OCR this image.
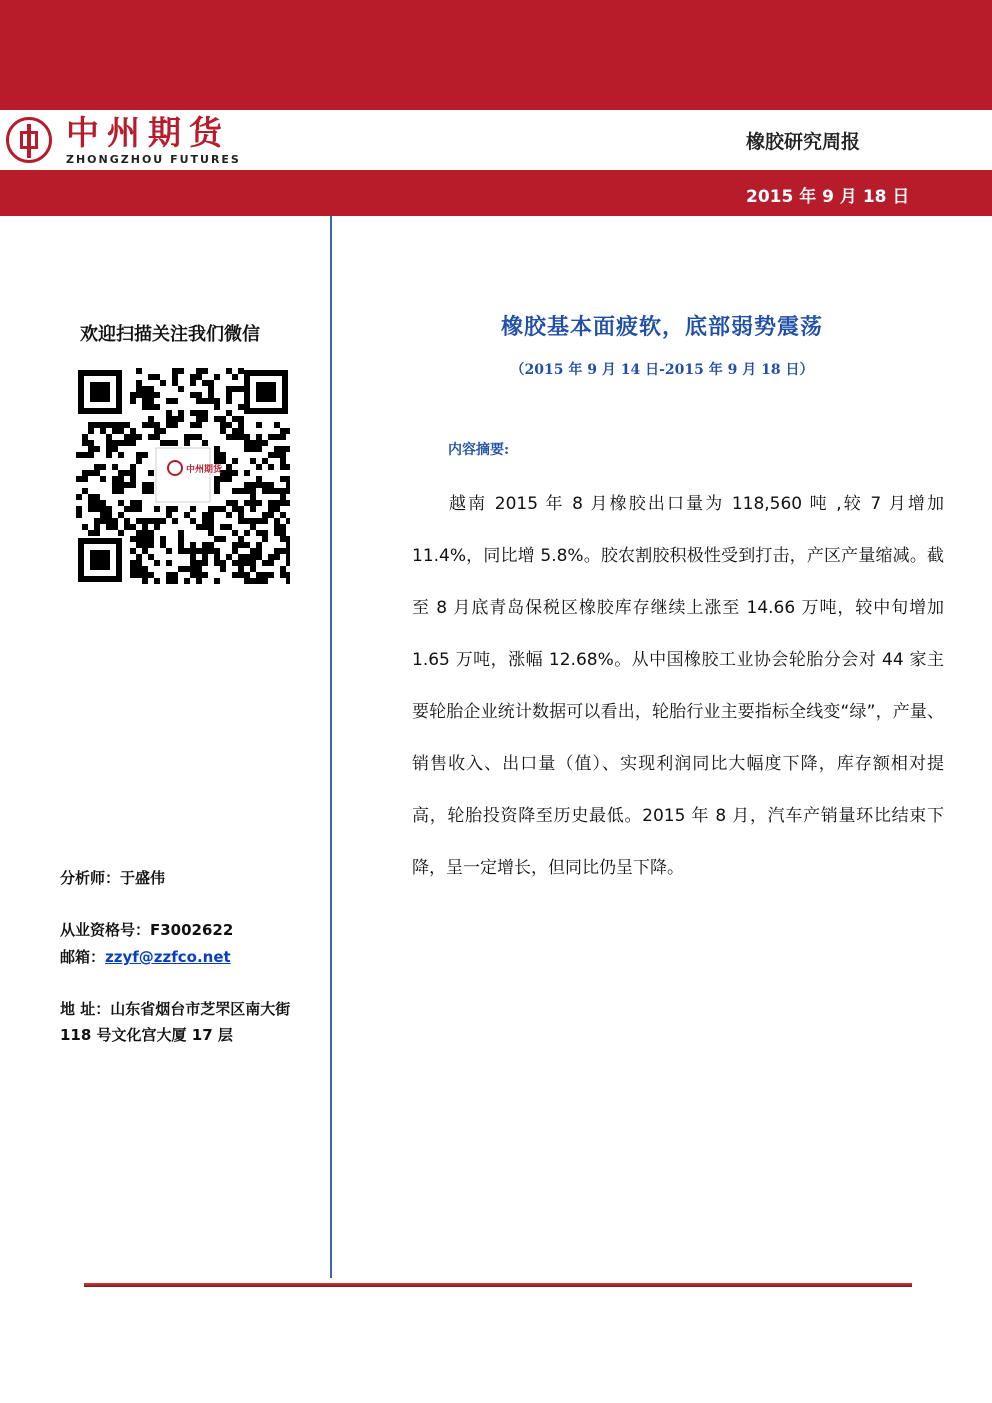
中州期货
ZHONGZHOU FUTURES
橡胶研究周报
2015 年 9 月 18 日
欢迎扫描关注我们微信
中州期货
分析师：于盛伟
从业资格号：F3002622
邮箱：zzyf@zzfco.net
地 址：山东省烟台市芝罘区南大街 118 号文化宫大厦 17 层
橡胶基本面疲软，底部弱势震荡
（2015 年 9 月 14 日-2015 年 9 月 18 日）
内容摘要:
越南 2015 年 8 月橡胶出口量为 118,560 吨 ,较 7 月增加 11.4%，同比增 5.8%。胶农割胶积极性受到打击，产区产量缩减。截至 8 月底青岛保税区橡胶库存继续上涨至 14.66 万吨，较中旬增加 1.65 万吨，涨幅 12.68%。从中国橡胶工业协会轮胎分会对 44 家主要轮胎企业统计数据可以看出，轮胎行业主要指标全线变“绿”，产量、销售收入、出口量（值）、实现利润同比大幅度下降，库存额相对提高，轮胎投资降至历史最低。2015 年 8 月，汽车产销量环比结束下降，呈一定增长，但同比仍呈下降。
